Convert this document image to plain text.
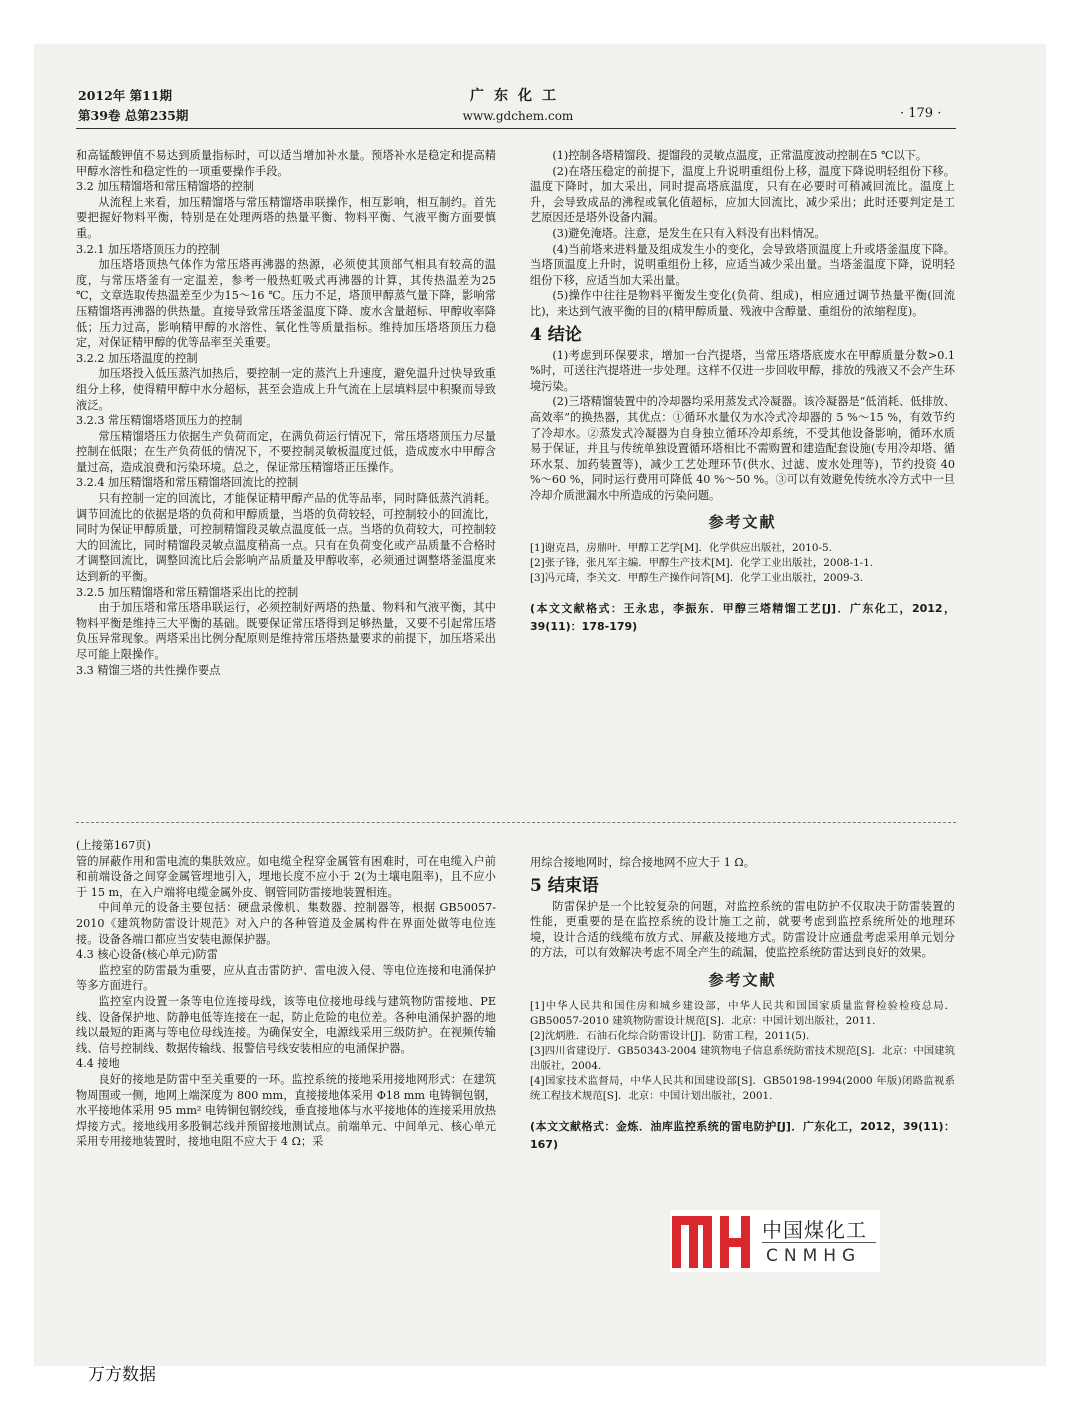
2012年 第11期
第39卷 总第235期
广东化工
www.gdchem.com	· 179 ·

和高锰酸钾值不易达到质量指标时，可以适当增加补水量。预塔补水是稳定和提高精甲醇水溶性和稳定性的一项重要操作手段。

3.2 加压精馏塔和常压精馏塔的控制

从流程上来看，加压精馏塔与常压精馏塔串联操作，相互影响，相互制约。首先要把握好物料平衡，特别是在处理两塔的热量平衡、物料平衡、气液平衡方面要慎重。

3.2.1 加压塔塔顶压力的控制

加压塔塔顶热气体作为常压塔再沸器的热源，必须使其顶部气相具有较高的温度，与常压塔釜有一定温差，参考一般热虹吸式再沸器的计算，其传热温差为25 ℃，文章选取传热温差至少为15～16 ℃。压力不足，塔顶甲醇蒸气量下降，影响常压精馏塔再沸器的供热量。直接导致常压塔釜温度下降、废水含量超标、甲醇收率降低；压力过高，影响精甲醇的水溶性、氧化性等质量指标。维持加压塔塔顶压力稳定，对保证精甲醇的优等品率至关重要。

3.2.2 加压塔温度的控制

加压塔投入低压蒸汽加热后，要控制一定的蒸汽上升速度，避免温升过快导致重组分上移，使得精甲醇中水分超标，甚至会造成上升气流在上层填料层中积聚而导致液泛。

3.2.3 常压精馏塔塔顶压力的控制

常压精馏塔压力依据生产负荷而定，在满负荷运行情况下，常压塔塔顶压力尽量控制在低限；在生产负荷低的情况下，不要控制灵敏板温度过低，造成废水中甲醇含量过高，造成浪费和污染环境。总之，保证常压精馏塔正压操作。

3.2.4 加压精馏塔和常压精馏塔回流比的控制

只有控制一定的回流比，才能保证精甲醇产品的优等品率，同时降低蒸汽消耗。调节回流比的依据是塔的负荷和甲醇质量，当塔的负荷较轻，可控制较小的回流比，同时为保证甲醇质量，可控制精馏段灵敏点温度低一点。当塔的负荷较大，可控制较大的回流比，同时精馏段灵敏点温度稍高一点。只有在负荷变化或产品质量不合格时才调整回流比，调整回流比后会影响产品质量及甲醇收率，必须通过调整塔釜温度来达到新的平衡。

3.2.5 加压精馏塔和常压精馏塔采出比的控制

由于加压塔和常压塔串联运行，必须控制好两塔的热量、物料和气液平衡，其中物料平衡是维持三大平衡的基础。既要保证常压塔得到足够热量，又要不引起常压塔负压异常现象。两塔采出比例分配原则是维持常压塔热量要求的前提下，加压塔采出尽可能上限操作。

3.3 精馏三塔的共性操作要点

(1)控制各塔精馏段、提馏段的灵敏点温度，正常温度波动控制在5 ℃以下。

(2)在塔压稳定的前提下，温度上升说明重组份上移，温度下降说明轻组份下移。温度下降时，加大采出，同时提高塔底温度，只有在必要时可稍减回流比。温度上升，会导致成品的沸程或氧化值超标，应加大回流比，减少采出；此时还要判定是工艺原因还是塔外设备内漏。

(3)避免淹塔。注意，是发生在只有入料没有出料情况。

(4)当前塔来进料量及组成发生小的变化，会导致塔顶温度上升或塔釜温度下降。当塔顶温度上升时，说明重组份上移，应适当减少采出量。当塔釜温度下降，说明轻组份下移，应适当加大采出量。

(5)操作中往往是物料平衡发生变化(负荷、组成)，相应通过调节热量平衡(回流比)，来达到气液平衡的目的(精甲醇质量、残液中含醇量、重组份的浓缩程度)。

4 结论

(1)考虑到环保要求，增加一台汽提塔，当常压塔塔底废水在甲醇质量分数>0.1 %时，可送往汽提塔进一步处理。这样不仅进一步回收甲醇，排放的残液又不会产生环境污染。

(2)三塔精馏装置中的冷却器均采用蒸发式冷凝器。该冷凝器是“低消耗、低排放、高效率”的换热器，其优点：①循环水量仅为水冷式冷却器的 5 %～15 %，有效节约了冷却水。②蒸发式冷凝器为自身独立循环冷却系统，不受其他设备影响，循环水质易于保证，并且与传统单独设置循环塔相比不需购置和建造配套设施(专用冷却塔、循环水泵、加药装置等)，减少工艺处理环节(供水、过滤、废水处理等)，节约投资 40 %～60 %，同时运行费用可降低 40 %～50 %。③可以有效避免传统水冷方式中一旦冷却介质泄漏水中所造成的污染问题。

参考文献

[1]谢克昌，房鼎叶．甲醇工艺学[M]．化学供应出版社，2010-5.

[2]张子锋，张凡军主编．甲醇生产技术[M]．化学工业出版社，2008-1-1.

[3]冯元琦，李关文．甲醇生产操作问答[M]．化学工业出版社，2009-3.

(本文文献格式：王永忠，李振东．甲醇三塔精馏工艺[J]．广东化工，2012，39(11)：178-179)

(上接第167页)

管的屏蔽作用和雷电流的集肤效应。如电缆全程穿金属管有困难时，可在电缆入户前和前端设备之间穿金属管埋地引入，埋地长度不应小于 2(为土壤电阻率)，且不应小于 15 m，在入户端将电缆金属外皮、钢管同防雷接地装置相连。

中间单元的设备主要包括：硬盘录像机、集数器、控制器等，根据 GB50057-2010《建筑物防雷设计规范》对入户的各种管道及金属构件在界面处做等电位连接。设备各端口都应当安装电源保护器。

4.3 核心设备(核心单元)防雷

监控室的防雷最为重要，应从直击雷防护、雷电波入侵、等电位连接和电涌保护等多方面进行。

监控室内设置一条等电位连接母线，该等电位接地母线与建筑物防雷接地、PE 线、设备保护地、防静电低等连接在一起，防止危险的电位差。各种电涌保护器的地线以最短的距离与等电位母线连接。为确保安全，电源线采用三级防护。在视频传输线、信号控制线、数据传输线、报警信号线安装相应的电涌保护器。

4.4 接地

良好的接地是防雷中至关重要的一环。监控系统的接地采用接地网形式：在建筑物周围或一侧，地网上端深度为 800 mm，直接接地体采用 Φ18 mm 电铸铜包钢，水平接地体采用 95 mm² 电铸铜包钢绞线，垂直接地体与水平接地体的连接采用放热焊接方式。接地线用多股铜芯线并预留接地测试点。前端单元、中间单元、核心单元采用专用接地装置时，接地电阻不应大于 4 Ω；采

用综合接地网时，综合接地网不应大于 1 Ω。

5 结束语

防雷保护是一个比较复杂的问题，对监控系统的雷电防护不仅取决于防雷装置的性能，更重要的是在监控系统的设计施工之前，就要考虑到监控系统所处的地理环境，设计合适的线缆布放方式、屏蔽及接地方式。防雷设计应通盘考虑采用单元划分的方法，可以有效解决考虑不周全产生的疏漏，使监控系统防雷达到良好的效果。

参考文献

[1]中华人民共和国住房和城乡建设部，中华人民共和国国家质量监督检验检疫总局．GB50057-2010 建筑物防雷设计规范[S]．北京：中国计划出版社，2011.

[2]沈炳胜．石油石化综合防雷设计[J]．防雷工程，2011(5).

[3]四川省建设厅．GB50343-2004 建筑物电子信息系统防雷技术规范[S]．北京：中国建筑出版社，2004.

[4]国家技术监督局，中华人民共和国建设部[S]．GB50198-1994(2000 年版)闭路监视系统工程技术规范[S]．北京：中国计划出版社，2001.

(本文文献格式：金炼．油库监控系统的雷电防护[J]．广东化工，2012，39(11)：167)

中国煤化工
CNMHG
万方数据
